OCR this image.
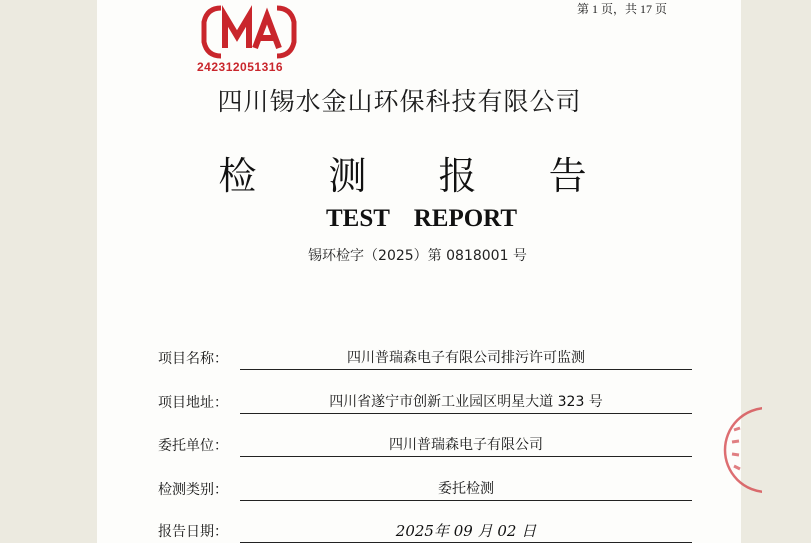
242312051316
第 1 页，共 17 页
四川锡水金山环保科技有限公司
检 测 报 告
TEST REPORT
锡环检字（2025）第 0818001 号
项目名称：	四川普瑞森电子有限公司排污许可监测
项目地址：	四川省遂宁市创新工业园区明星大道 323 号
委托单位：	四川普瑞森电子有限公司
检测类别：	委托检测
报告日期：	2025年 09 月 02 日
